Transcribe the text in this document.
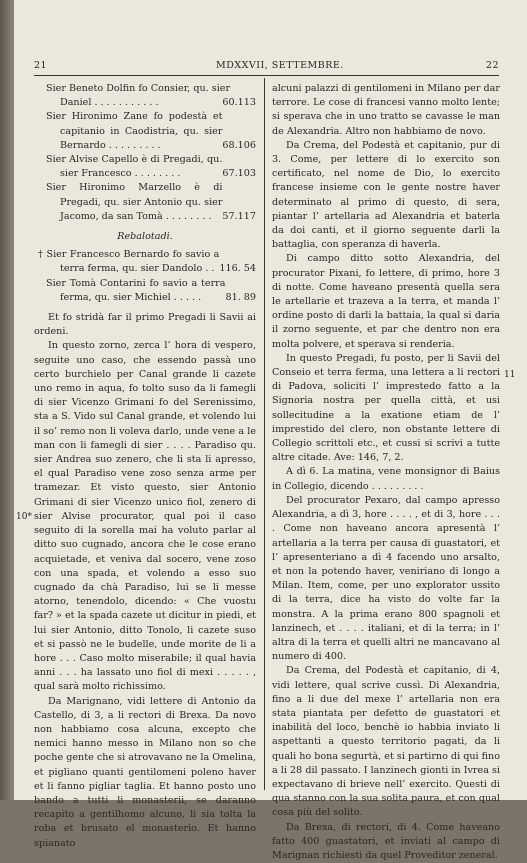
21	MDXXVII, SETTEMBRE.	22
10*
11

Sier Beneto Dolfin fo Consier, qu. sier

Daniel . . . . . . . . . . .	60.113

Sier Hironimo Zane fo podestà et capitanio in Caodistria, qu. sier Bernardo . . . . . . . . .	68.106

Sier Alvise Capello è di Pregadi, qu. sier Francesco . . . . . . . .	67.103

Sier Hironimo Marzello è di Pregadi, qu. sier Antonio qu. sier Jacomo, da san Tomà . . . . . . . .	57.117

Rebalotadi.

† Sier Francesco Bernardo fo savio a terra ferma, qu. sier Dandolo . . 116. 54

Sier Tomà Contarini fo savio a terra ferma, qu. sier Michiel . . . . .	81. 89

Et fo stridà far il primo Pregadi li Savii ai ordeni.

In questo zorno, zerca l’ hora di vespero, seguite uno caso, che essendo passà uno certo burchielo per Canal grande li cazete uno remo in aqua, fo tolto suso da li famegli di sier Vicenzo Grimani fo del Serenissimo, sta a S. Vido sul Canal grande, et volendo lui il so’ remo non li voleva darlo, unde vene a le man con li famegli di sier . . . . Paradiso qu. sier Andrea suo zenero, che li sta li apresso, el qual Paradiso vene zoso senza arme per tramezar. Et visto questo, sier Antonio Grimani di sier Vicenzo unico fiol, zenero di sier Alvise procurator, qual poi il caso seguito di la sorella mai ha voluto parlar al ditto suo cugnado, ancora che le cose erano acquietade, et veniva dal socero, vene zoso con una spada, et volendo a esso suo cugnado da chà Paradiso, lui se li messe atorno, tenendolo, dicendo: « Che vuostu far? » et la spada cazete ut dicitur in piedi, et lui sier Antonio, ditto Tonolo, li cazete suso et si passò ne le budelle, unde morite de li a hore . . . Caso molto miserabile; il qual havia anni . . . ha lassato uno fiol di mexi . . . . . , qual sarà molto richissimo.

Da Marignano, vidi lettere di Antonio da Castello, di 3, a li rectori di Brexa. Da novo non habbiamo cosa alcuna, excepto che nemici hanno messo in Milano non so che poche gente che si atrovavano ne la Omelina, et pigliano quanti gentilomeni poleno haver et li fanno pigliar taglia. Et hanno posto uno bando a tutti li monasterii, se daranno recapito a gentilhomo alcuno, li sia tolta la roba et brusato el monasterio. Et hanno spianato

alcuni palazzi di gentilomeni in Milano per dar terrore. Le cose di francesi vanno molto lente; si sperava che in uno tratto se cavasse le man de Alexandria. Altro non habbiamo de novo.

Da Crema, del Podestà et capitanio, pur di 3. Come, per lettere di lo exercito son certificato, nel nome de Dio, lo exercito francese insieme con le gente nostre haver determinato al primo di questo, di sera, piantar l’ artellaria ad Alexandria et baterla da doi canti, et il giorno seguente darli la battaglia, con speranza di haverla.

Di campo ditto sotto Alexandria, del procurator Pixani, fo lettere, di primo, hore 3 di notte. Come haveano presentà quella sera le artellarie et trazeva a la terra, et manda l’ ordine posto di darli la battaia, la qual si daria il zorno seguente, et par che dentro non era molta polvere, et sperava si renderia.

In questo Pregadi, fu posto, per li Savii del Conseio et terra ferma, una lettera a li rectori di Padova, soliciti l’ imprestedo fatto a la Signoria nostra per quella città, et usi sollecitudine a la exatione etiam de l’ imprestido del clero, non obstante lettere di Collegio scrittoli etc., et cussi si scrivi a tutte altre citade. Ave: 146, 7, 2.

A dì 6. La matina, vene monsignor di Baius in Collegio, dicendo . . . . . . . . .

Del procurator Pexaro, dal campo apresso Alexandria, a dì 3, hore . . . . , et di 3, hore . . . . Come non haveano ancora apresentà l’ artellaria a la terra per causa di guastatori, et l’ apresenteriano a dì 4 facendo uno arsalto, et non la potendo haver, veniriano di longo a Milan. Item, come, per uno explorator ussito di la terra, dice ha visto do volte far la monstra. A la prima erano 800 spagnoli et lanzinech, et . . . . italiani, et di la terra; in l’ altra di la terra et quelli altri ne mancavano al numero di 400.

Da Crema, del Podestà et capitanio, di 4, vidi lettere, qual scrive cussì. Di Alexandria, fino a li due del mexe l’ artellaria non era stata piantata per defetto de guastatori et inabilità del loco, benchè io habbia inviato li aspettanti a questo territorio pagati, da li quali ho bona segurtà, et si partirno di qui fino a li 28 dil passato. I lanzinech gionti in Ivrea si expectavano di brieve nell’ exercito. Questi di qua stanno con la sua solita paura, et con qual cosa più del solito.

Da Brexa, di rectori, di 4. Come haveano fatto 400 guastatori, et inviati al campo di Marignan richiesti da quel Proveditor zeneral.
